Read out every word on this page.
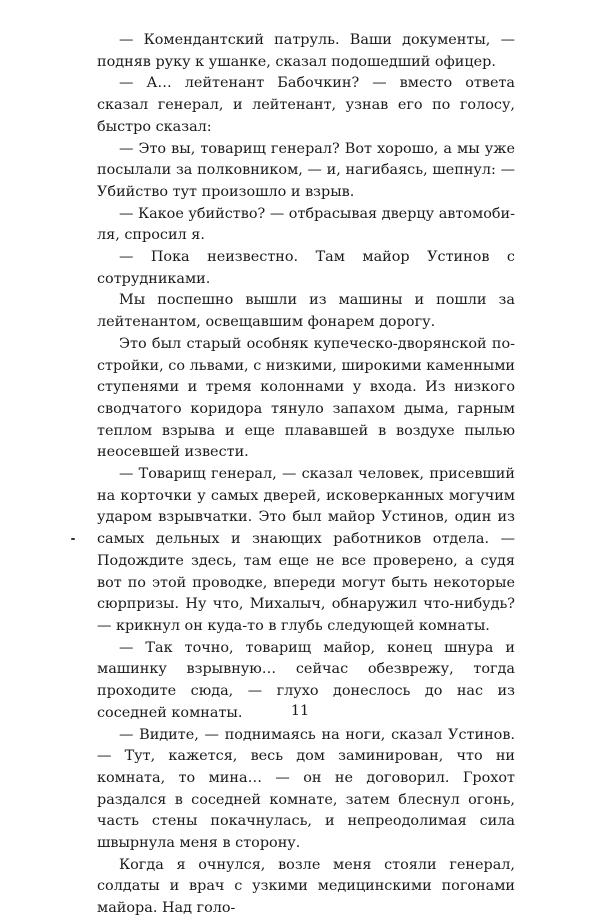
— Комендантский патруль. Ваши документы, — подняв руку к ушанке, сказал подошедший офицер.

— А… лейтенант Бабочкин? — вместо ответа сказал генерал, и лейтенант, узнав его по голосу, быстро сказал:

— Это вы, товарищ генерал? Вот хорошо, а мы уже посылали за полковником, — и, нагибаясь, шепнул: — Убийство тут произошло и взрыв.

— Какое убийство? — отбрасывая дверцу автомобиля, спросил я.

— Пока неизвестно. Там майор Устинов с сотрудниками.

Мы поспешно вышли из машины и пошли за лейтенантом, освещавшим фонарем дорогу.

Это был старый особняк купеческо-дворянской постройки, со львами, с низкими, широкими каменными ступенями и тремя колоннами у входа. Из низкого сводчатого коридора тянуло запахом дыма, гарным теплом взрыва и еще плававшей в воздухе пылью неосевшей извести.

— Товарищ генерал, — сказал человек, присевший на корточки у самых дверей, исковерканных могучим ударом взрывчатки. Это был майор Устинов, один из самых дельных и знающих работников отдела. — Подождите здесь, там еще не все проверено, а судя вот по этой проводке, впереди могут быть некоторые сюрпризы. Ну что, Михалыч, обнаружил что-нибудь? — крикнул он куда-то в глубь следующей комнаты.

— Так точно, товарищ майор, конец шнура и машинку взрывную… сейчас обезврежу, тогда проходите сюда, — глухо донеслось до нас из соседней комнаты.

— Видите, — поднимаясь на ноги, сказал Устинов. — Тут, кажется, весь дом заминирован, что ни комната, то мина… — он не договорил. Грохот раздался в соседней комнате, затем блеснул огонь, часть стены покачнулась, и непреодолимая сила швырнула меня в сторону.

Когда я очнулся, возле меня стояли генерал, солдаты и врач с узкими медицинскими погонами майора. Над голо-

11
